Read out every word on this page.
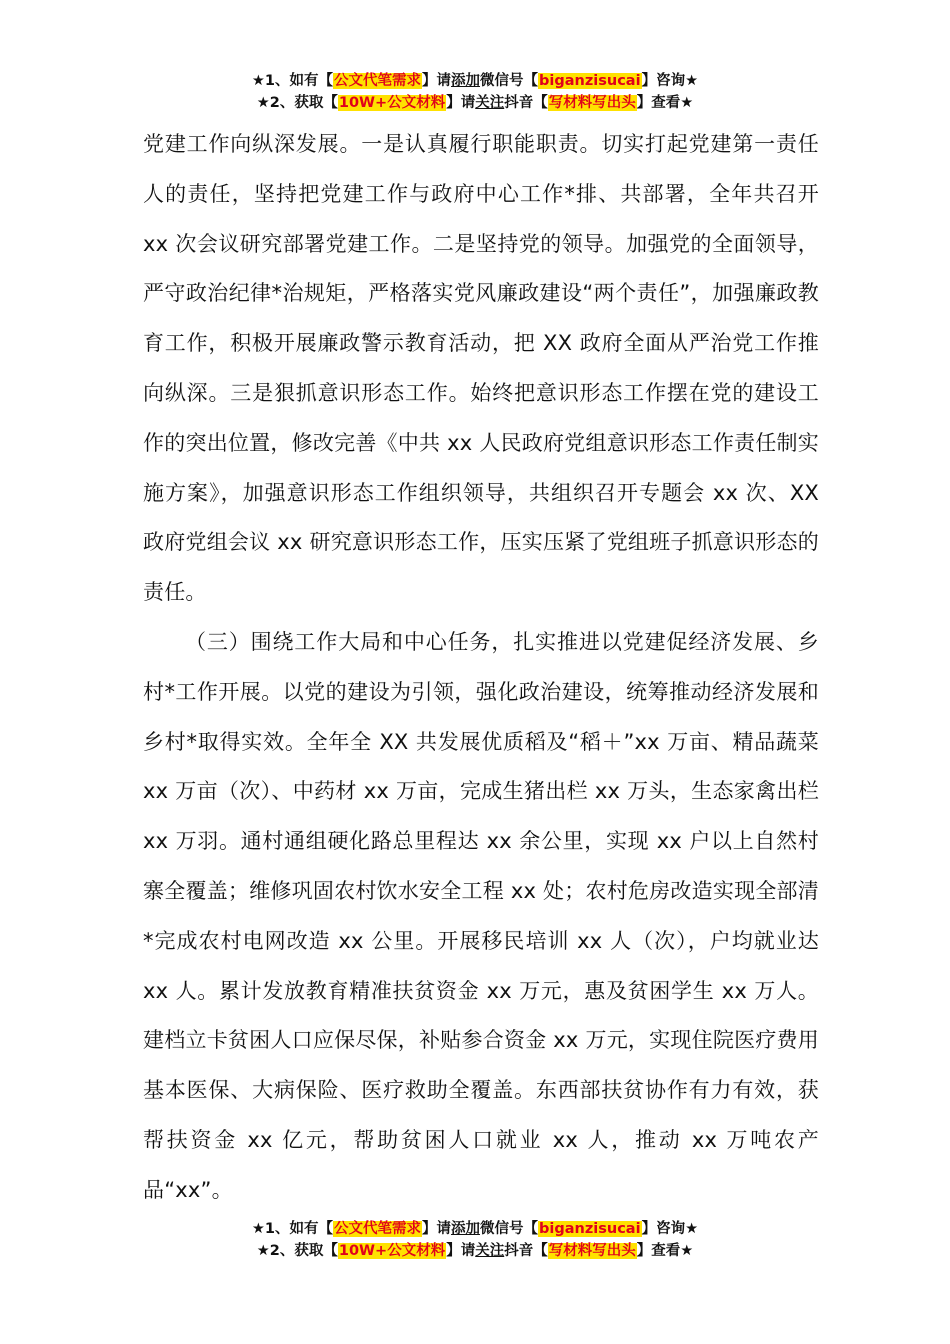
★1、如有【公文代笔需求】请添加微信号【biganzisucai】咨询★
★2、获取【10W+公文材料】请关注抖音【写材料写出头】查看★

党建工作向纵深发展。一是认真履行职能职责。切实打起党建第一责任人的责任，坚持把党建工作与政府中心工作*排、共部署，全年共召开 xx 次会议研究部署党建工作。二是坚持党的领导。加强党的全面领导，严守政治纪律*治规矩，严格落实党风廉政建设“两个责任”，加强廉政教育工作，积极开展廉政警示教育活动，把 XX 政府全面从严治党工作推向纵深。三是狠抓意识形态工作。始终把意识形态工作摆在党的建设工作的突出位置，修改完善《中共 xx 人民政府党组意识形态工作责任制实施方案》，加强意识形态工作组织领导，共组织召开专题会 xx 次、XX 政府党组会议 xx 研究意识形态工作，压实压紧了党组班子抓意识形态的责任。

（三）围绕工作大局和中心任务，扎实推进以党建促经济发展、乡村*工作开展。以党的建设为引领，强化政治建设，统筹推动经济发展和乡村*取得实效。全年全 XX 共发展优质稻及“稻＋”xx 万亩、精品蔬菜 xx 万亩（次）、中药材 xx 万亩，完成生猪出栏 xx 万头，生态家禽出栏 xx 万羽。通村通组硬化路总里程达 xx 余公里，实现 xx 户以上自然村寨全覆盖；维修巩固农村饮水安全工程 xx 处；农村危房改造实现全部清*完成农村电网改造 xx 公里。开展移民培训 xx 人（次），户均就业达 xx 人。累计发放教育精准扶贫资金 xx 万元，惠及贫困学生 xx 万人。建档立卡贫困人口应保尽保，补贴参合资金 xx 万元，实现住院医疗费用基本医保、大病保险、医疗救助全覆盖。东西部扶贫协作有力有效，获帮扶资金 xx 亿元，帮助贫困人口就业 xx 人，推动 xx 万吨农产品“xx”。

★1、如有【公文代笔需求】请添加微信号【biganzisucai】咨询★
★2、获取【10W+公文材料】请关注抖音【写材料写出头】查看★
